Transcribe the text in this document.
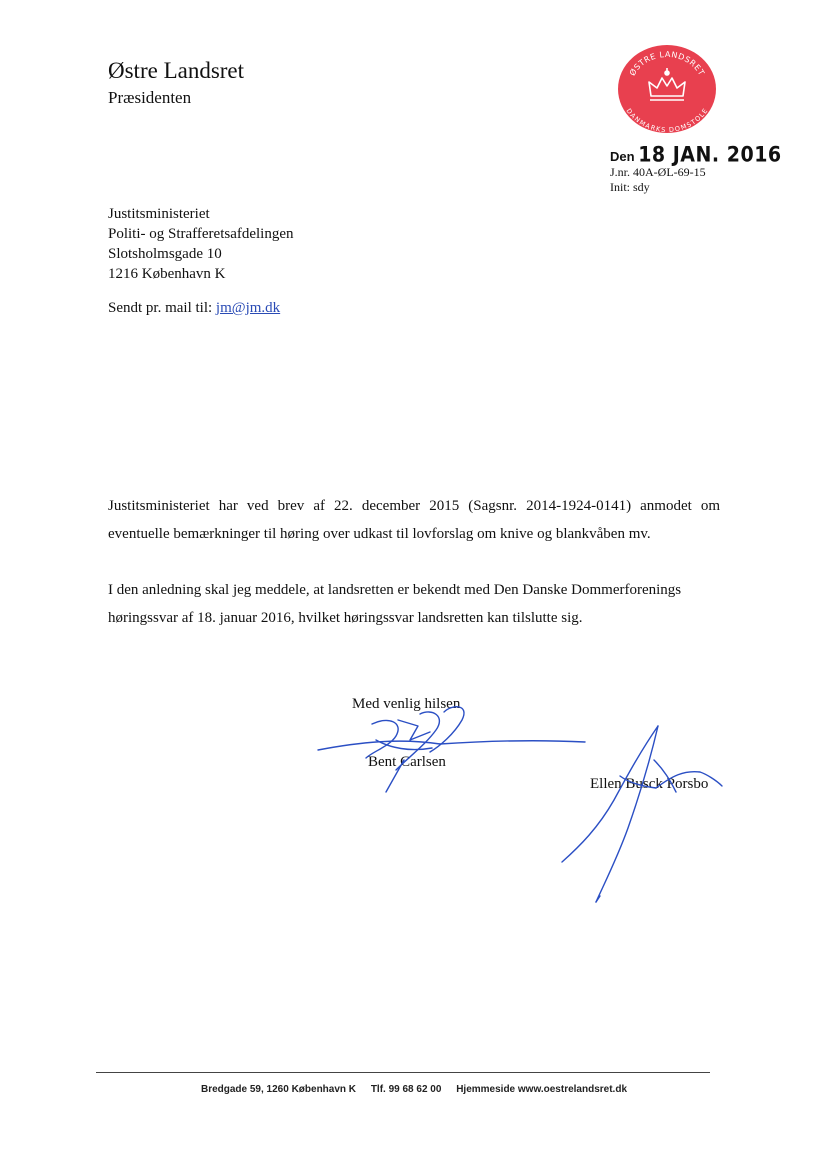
Østre Landsret
Præsidenten
ØSTRE LANDSRET
DANMARKS DOMSTOLE
Den 18 JAN. 2016
J.nr. 40A-ØL-69-15
Init: sdy
Justitsministeriet
Politi- og Strafferetsafdelingen
Slotsholmsgade 10
1216 København K
Sendt pr. mail til: jm@jm.dk
Justitsministeriet har ved brev af 22. december 2015 (Sagsnr. 2014-1924-0141) anmodet om eventuelle bemærkninger til høring over udkast til lovforslag om knive og blankvåben mv.
I den anledning skal jeg meddele, at landsretten er bekendt med Den Danske Dommerforenings høringssvar af 18. januar 2016, hvilket høringssvar landsretten kan tilslutte sig.
Med venlig hilsen
Bent Carlsen
Ellen Busck Porsbo
Bredgade 59, 1260 København K Tlf. 99 68 62 00 Hjemmeside www.oestrelandsret.dk
